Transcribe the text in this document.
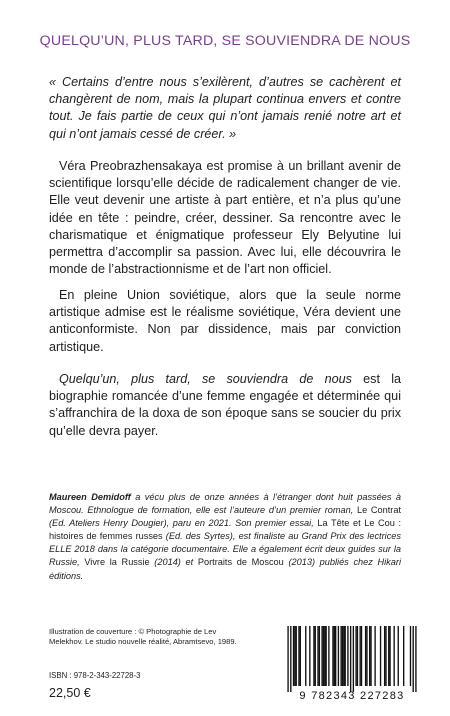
QUELQU’UN, PLUS TARD, SE SOUVIENDRA DE NOUS

« Certains d’entre nous s’exilèrent, d’autres se cachèrent et changèrent de nom, mais la plupart continua envers et contre tout. Je fais partie de ceux qui n’ont jamais renié notre art et qui n’ont jamais cessé de créer. »

Véra Preobrazhensakaya est promise à un brillant avenir de scientifique lorsqu’elle décide de radicalement changer de vie. Elle veut devenir une artiste à part entière, et n’a plus qu’une idée en tête : peindre, créer, dessiner. Sa rencontre avec le charismatique et énigmatique professeur Ely Belyutine lui permettra d’accomplir sa passion. Avec lui, elle découvrira le monde de l’abstractionnisme et de l’art non officiel.

En pleine Union soviétique, alors que la seule norme artistique admise est le réalisme soviétique, Véra devient une anticonformiste. Non par dissidence, mais par conviction artistique.

Quelqu’un, plus tard, se souviendra de nous est la biographie romancée d’une femme engagée et déterminée qui s’affranchira de la doxa de son époque sans se soucier du prix qu’elle devra payer.

Maureen Demidoff a vécu plus de onze années à l’étranger dont huit passées à Moscou. Ethnologue de formation, elle est l’auteure d’un premier roman, Le Contrat (Ed. Ateliers Henry Dougier), paru en 2021. Son premier essai, La Tête et Le Cou : histoires de femmes russes (Ed. des Syrtes), est finaliste au Grand Prix des lectrices ELLE 2018 dans la catégorie documentaire. Elle a également écrit deux guides sur la Russie, Vivre la Russie (2014) et Portraits de Moscou (2013) publiés chez Hikari éditions.

Illustration de couverture : © Photographie de Lev Melekhov. Le studio nouvelle réalité, Abramtsevo, 1989.

ISBN : 978-2-343-22728-3
22,50 €	9 782343 227283
